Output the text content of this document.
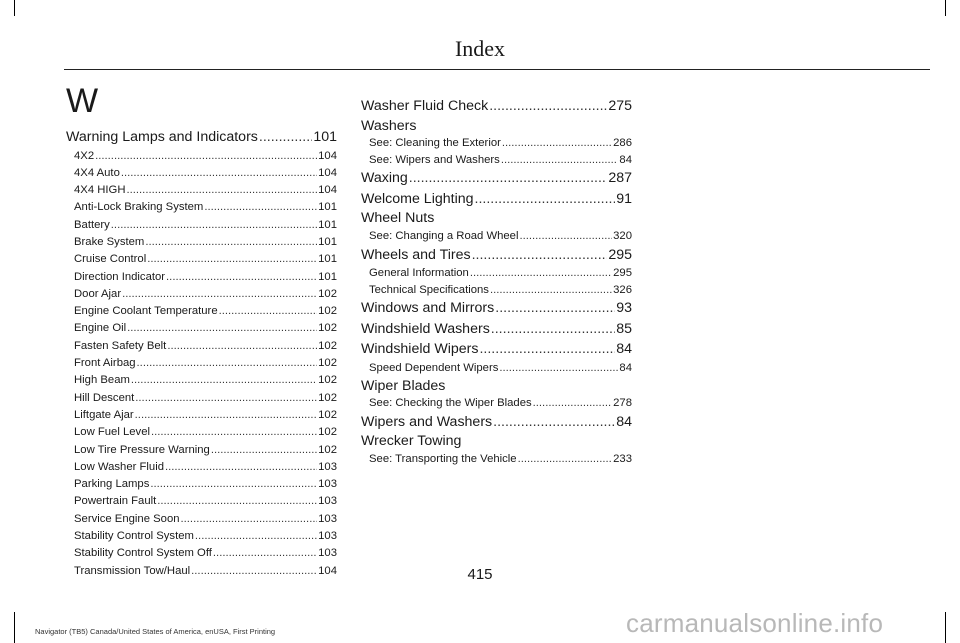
Index
W
Warning Lamps and Indicators .....	101
4X2 .....	104
4X4 Auto .....	104
4X4 HIGH .....	104
Anti-Lock Braking System .....	101
Battery .....	101
Brake System .....	101
Cruise Control .....	101
Direction Indicator .....	101
Door Ajar .....	102
Engine Coolant Temperature .....	102
Engine Oil .....	102
Fasten Safety Belt .....	102
Front Airbag .....	102
High Beam .....	102
Hill Descent .....	102
Liftgate Ajar .....	102
Low Fuel Level .....	102
Low Tire Pressure Warning .....	102
Low Washer Fluid .....	103
Parking Lamps .....	103
Powertrain Fault .....	103
Service Engine Soon .....	103
Stability Control System .....	103
Stability Control System Off .....	103
Transmission Tow/Haul .....	104
Washer Fluid Check .....	275
Washers
See: Cleaning the Exterior .....	286
See: Wipers and Washers .....	84
Waxing .....	287
Welcome Lighting .....	91
Wheel Nuts
See: Changing a Road Wheel .....	320
Wheels and Tires .....	295
General Information .....	295
Technical Specifications .....	326
Windows and Mirrors .....	93
Windshield Washers .....	85
Windshield Wipers .....	84
Speed Dependent Wipers .....	84
Wiper Blades
See: Checking the Wiper Blades .....	278
Wipers and Washers .....	84
Wrecker Towing
See: Transporting the Vehicle .....	233
415
Navigator (TB5) Canada/United States of America, enUSA, First Printing	carmanualsonline.info
